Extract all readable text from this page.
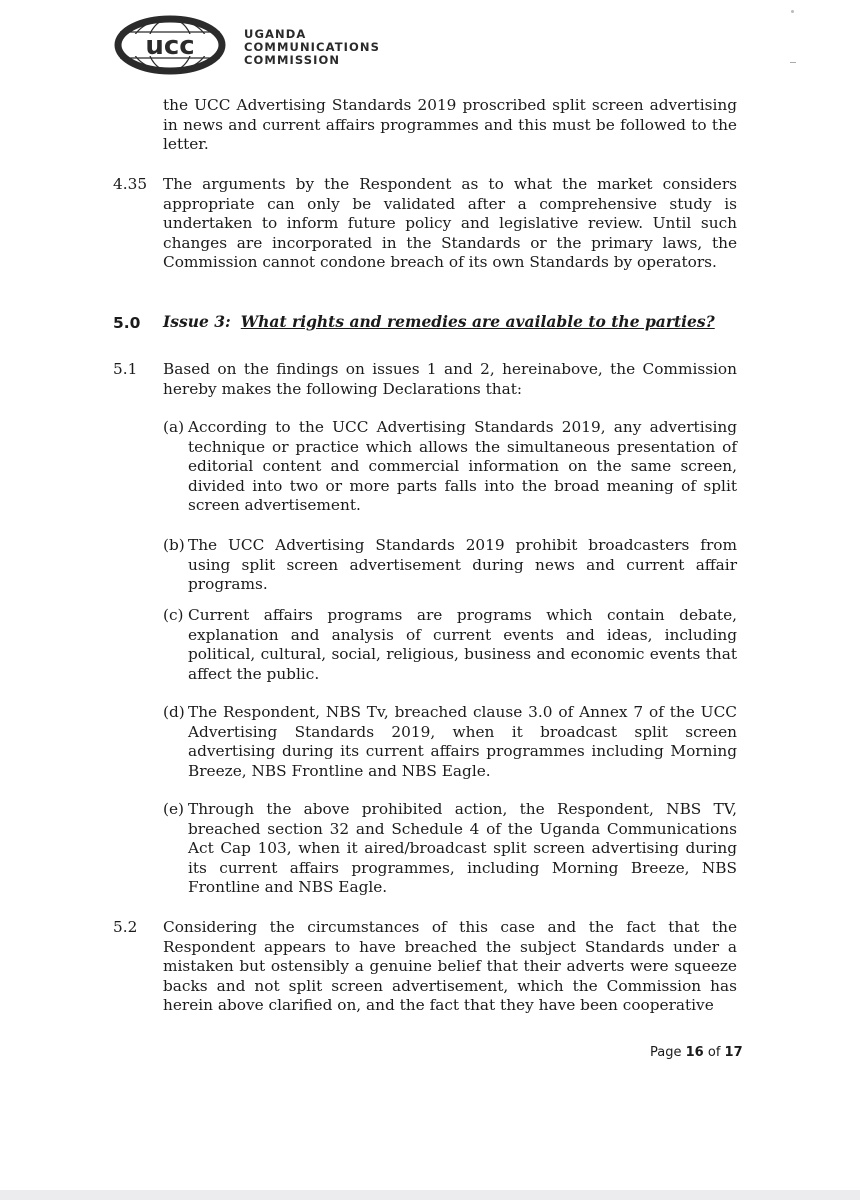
ucc	UGANDA
COMMUNICATIONS
COMMISSION
the UCC Advertising Standards 2019 proscribed split screen advertising in news and current affairs programmes and this must be followed to the letter.
4.35 The arguments by the Respondent as to what the market considers appropriate can only be validated after a comprehensive study is undertaken to inform future policy and legislative review. Until such changes are incorporated in the Standards or the primary laws, the Commission cannot condone breach of its own Standards by operators.
5.0 Issue 3: What rights and remedies are available to the parties?
5.1 Based on the findings on issues 1 and 2, hereinabove, the Commission hereby makes the following Declarations that:
(a) According to the UCC Advertising Standards 2019, any advertising technique or practice which allows the simultaneous presentation of editorial content and commercial information on the same screen, divided into two or more parts falls into the broad meaning of split screen advertisement.
(b) The UCC Advertising Standards 2019 prohibit broadcasters from using split screen advertisement during news and current affair programs.
(c) Current affairs programs are programs which contain debate, explanation and analysis of current events and ideas, including political, cultural, social, religious, business and economic events that affect the public.
(d) The Respondent, NBS Tv, breached clause 3.0 of Annex 7 of the UCC Advertising Standards 2019, when it broadcast split screen advertising during its current affairs programmes including Morning Breeze, NBS Frontline and NBS Eagle.
(e) Through the above prohibited action, the Respondent, NBS TV, breached section 32 and Schedule 4 of the Uganda Communications Act Cap 103, when it aired/broadcast split screen advertising during its current affairs programmes, including Morning Breeze, NBS Frontline and NBS Eagle.
5.2 Considering the circumstances of this case and the fact that the Respondent appears to have breached the subject Standards under a mistaken but ostensibly a genuine belief that their adverts were squeeze backs and not split screen advertisement, which the Commission has herein above clarified on, and the fact that they have been cooperative
Page 16 of 17
